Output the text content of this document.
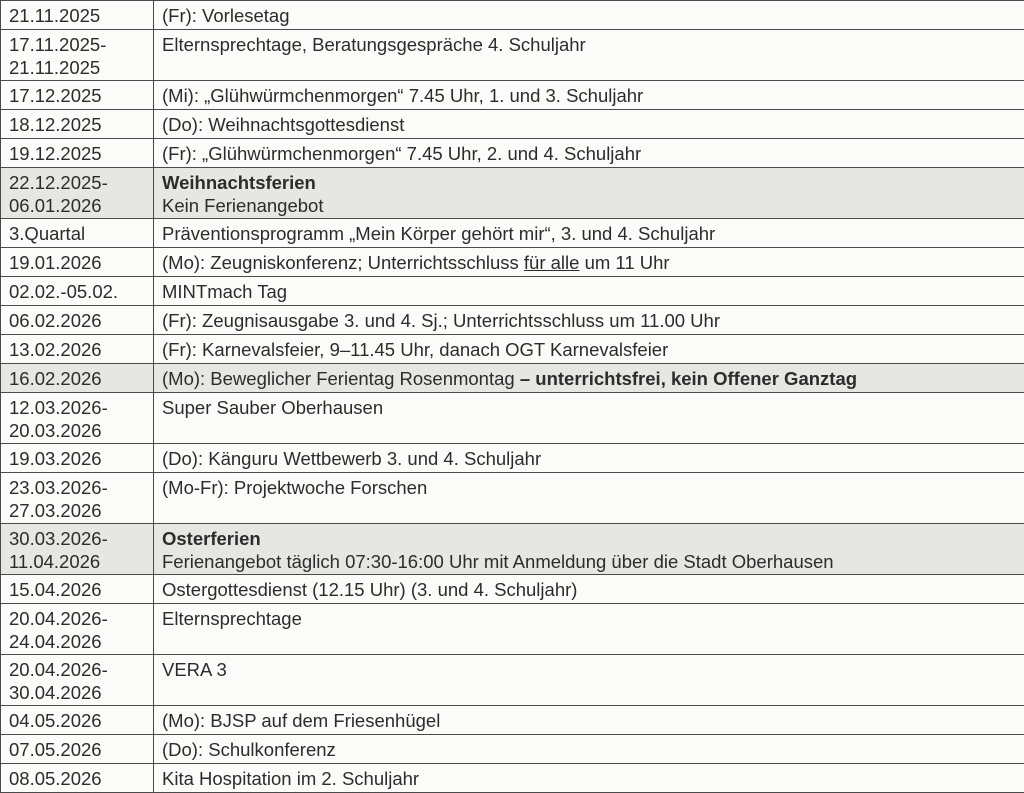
21.11.2025	(Fr): Vorlesetag

17.11.2025-
21.11.2025	Elternsprechtage, Beratungsgespräche 4. Schuljahr

17.12.2025	(Mi): „Glühwürmchenmorgen“ 7.45 Uhr, 1. und 3. Schuljahr

18.12.2025	(Do): Weihnachtsgottesdienst

19.12.2025	(Fr): „Glühwürmchenmorgen“ 7.45 Uhr, 2. und 4. Schuljahr

22.12.2025-
06.01.2026	Weihnachtsferien
Kein Ferienangebot

3.Quartal	Präventionsprogramm „Mein Körper gehört mir“, 3. und 4. Schuljahr

19.01.2026	(Mo): Zeugniskonferenz; Unterrichtsschluss für alle um 11 Uhr

02.02.-05.02.	MINTmach Tag

06.02.2026	(Fr): Zeugnisausgabe 3. und 4. Sj.; Unterrichtsschluss um 11.00 Uhr

13.02.2026	(Fr): Karnevalsfeier, 9–11.45 Uhr, danach OGT Karnevalsfeier

16.02.2026	(Mo): Beweglicher Ferientag Rosenmontag – unterrichtsfrei, kein Offener Ganztag

12.03.2026-
20.03.2026	Super Sauber Oberhausen

19.03.2026	(Do): Känguru Wettbewerb 3. und 4. Schuljahr

23.03.2026-
27.03.2026	(Mo-Fr): Projektwoche Forschen

30.03.2026-
11.04.2026	Osterferien
Ferienangebot täglich 07:30-16:00 Uhr mit Anmeldung über die Stadt Oberhausen

15.04.2026	Ostergottesdienst (12.15 Uhr) (3. und 4. Schuljahr)

20.04.2026-
24.04.2026	Elternsprechtage

20.04.2026-
30.04.2026	VERA 3

04.05.2026	(Mo): BJSP auf dem Friesenhügel

07.05.2026	(Do): Schulkonferenz

08.05.2026	Kita Hospitation im 2. Schuljahr
